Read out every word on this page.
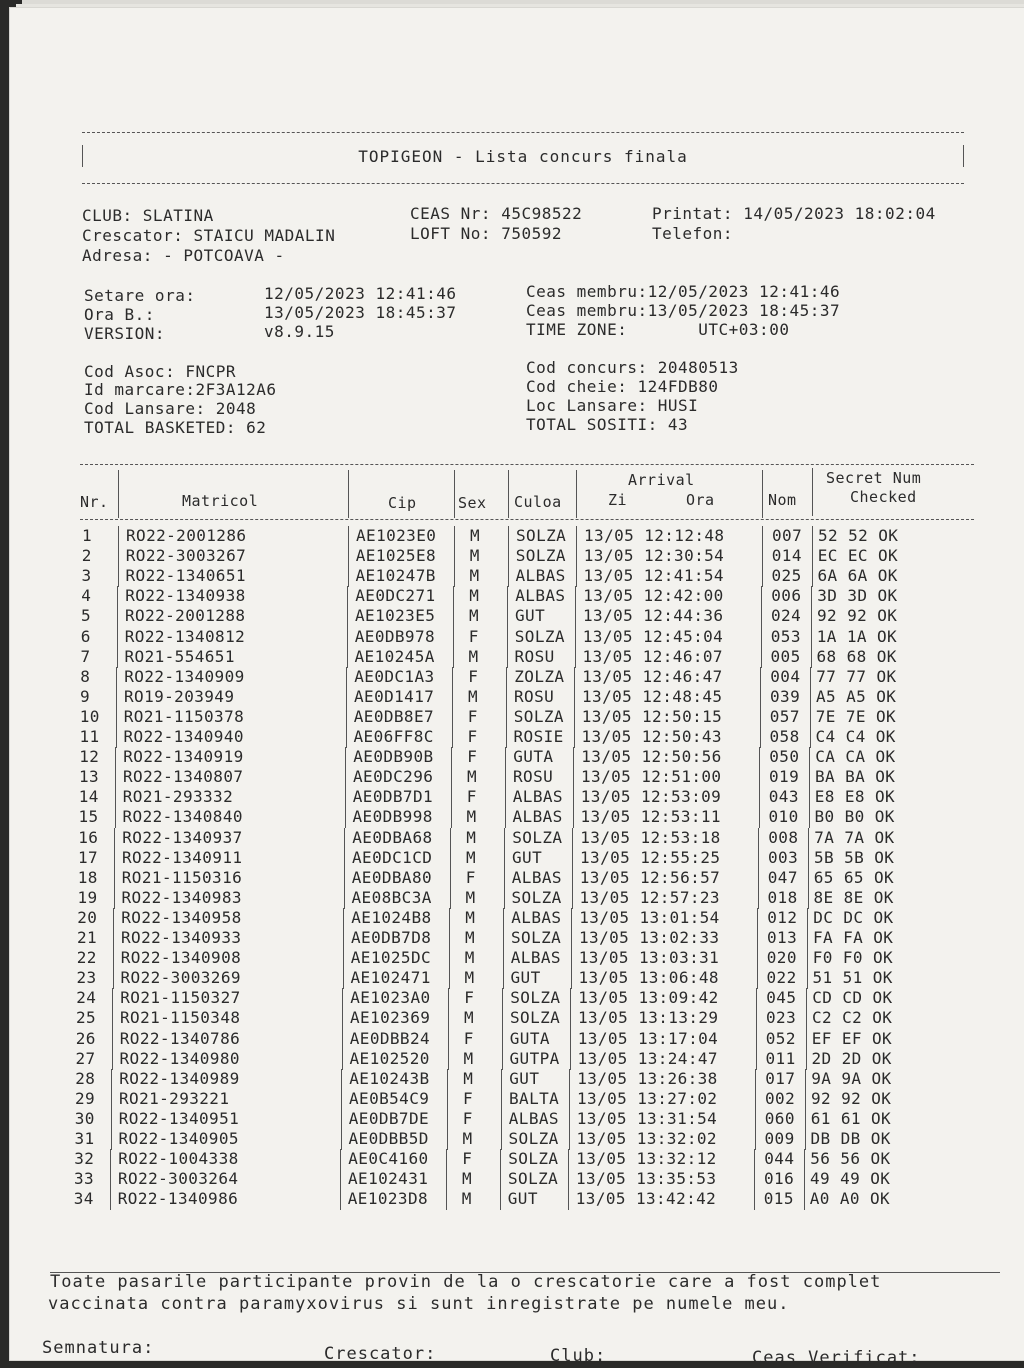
TOPIGEON - Lista concurs finala
CLUB: SLATINA
Crescator: STAICU MADALIN
Adresa: - POTCOAVA -
CEAS Nr: 45C98522
LOFT No: 750592
Printat: 14/05/2023 18:02:04
Telefon:
Setare ora:	12/05/2023 12:41:46
Ora B.:	13/05/2023 18:45:37
VERSION:	v8.9.15
Ceas membru:12/05/2023 12:41:46
Ceas membru:13/05/2023 18:45:37
TIME ZONE:       UTC+03:00
Cod Asoc: FNCPR
Id marcare:2F3A12A6
Cod Lansare: 2048
TOTAL BASKETED: 62
Cod concurs: 20480513
Cod cheie: 124FDB80
Loc Lansare: HUSI
TOTAL SOSITI: 43
Nr.	Matricol	Cip	Sex Culoa
Arrival
Zi	Ora	Nom
Secret Num
Checked
1 RO22-2001286	AE1023E0 M SOLZA 13/05 12:12:48	007 52 52 OK
2 RO22-3003267	AE1025E8 M SOLZA 13/05 12:30:54	014 EC EC OK
3 RO22-1340651	AE10247B M ALBAS 13/05 12:41:54	025 6A 6A OK
4 RO22-1340938	AE0DC271 M ALBAS 13/05 12:42:00	006 3D 3D OK
5 RO22-2001288	AE1023E5 M GUT 13/05 12:44:36	024 92 92 OK
6 RO22-1340812	AE0DB978 F SOLZA 13/05 12:45:04	053 1A 1A OK
7 RO21-554651	AE10245A M ROSU 13/05 12:46:07	005 68 68 OK
8 RO22-1340909	AE0DC1A3 F ZOLZA 13/05 12:46:47	004 77 77 OK
9 RO19-203949	AE0D1417 M ROSU 13/05 12:48:45	039 A5 A5 OK
10 RO21-1150378	AE0DB8E7 F SOLZA 13/05 12:50:15	057 7E 7E OK
11 RO22-1340940	AE06FF8C F ROSIE 13/05 12:50:43	058 C4 C4 OK
12 RO22-1340919	AE0DB90B F GUTA 13/05 12:50:56	050 CA CA OK
13 RO22-1340807	AE0DC296 M ROSU 13/05 12:51:00	019 BA BA OK
14 RO21-293332	AE0DB7D1 F ALBAS 13/05 12:53:09	043 E8 E8 OK
15 RO22-1340840	AE0DB998 M ALBAS 13/05 12:53:11	010 B0 B0 OK
16 RO22-1340937	AE0DBA68 M SOLZA 13/05 12:53:18	008 7A 7A OK
17 RO22-1340911	AE0DC1CD M GUT 13/05 12:55:25	003 5B 5B OK
18 RO21-1150316	AE0DBA80 F ALBAS 13/05 12:56:57	047 65 65 OK
19 RO22-1340983	AE08BC3A M SOLZA 13/05 12:57:23	018 8E 8E OK
20 RO22-1340958	AE1024B8 M ALBAS 13/05 13:01:54	012 DC DC OK
21 RO22-1340933	AE0DB7D8 M SOLZA 13/05 13:02:33	013 FA FA OK
22 RO22-1340908	AE1025DC M ALBAS 13/05 13:03:31	020 F0 F0 OK
23 RO22-3003269	AE102471 M GUT 13/05 13:06:48	022 51 51 OK
24 RO21-1150327	AE1023A0 F SOLZA 13/05 13:09:42	045 CD CD OK
25 RO21-1150348	AE102369 M SOLZA 13/05 13:13:29	023 C2 C2 OK
26 RO22-1340786	AE0DBB24 F GUTA 13/05 13:17:04	052 EF EF OK
27 RO22-1340980	AE102520 M GUTPA 13/05 13:24:47	011 2D 2D OK
28 RO22-1340989	AE10243B M GUT 13/05 13:26:38	017 9A 9A OK
29 RO21-293221	AE0B54C9 F BALTA 13/05 13:27:02	002 92 92 OK
30 RO22-1340951	AE0DB7DE F ALBAS 13/05 13:31:54	060 61 61 OK
31 RO22-1340905	AE0DBB5D M SOLZA 13/05 13:32:02	009 DB DB OK
32 RO22-1004338	AE0C4160 F SOLZA 13/05 13:32:12	044 56 56 OK
33 RO22-3003264	AE102431 M SOLZA 13/05 13:35:53	016 49 49 OK
34 RO22-1340986	AE1023D8 M GUT 13/05 13:42:42	015 A0 A0 OK
Toate pasarile participante provin de la o crescatorie care a fost complet
vaccinata contra paramyxovirus si sunt inregistrate pe numele meu.
Semnatura:	Crescator:	Club:	Ceas Verificat:
